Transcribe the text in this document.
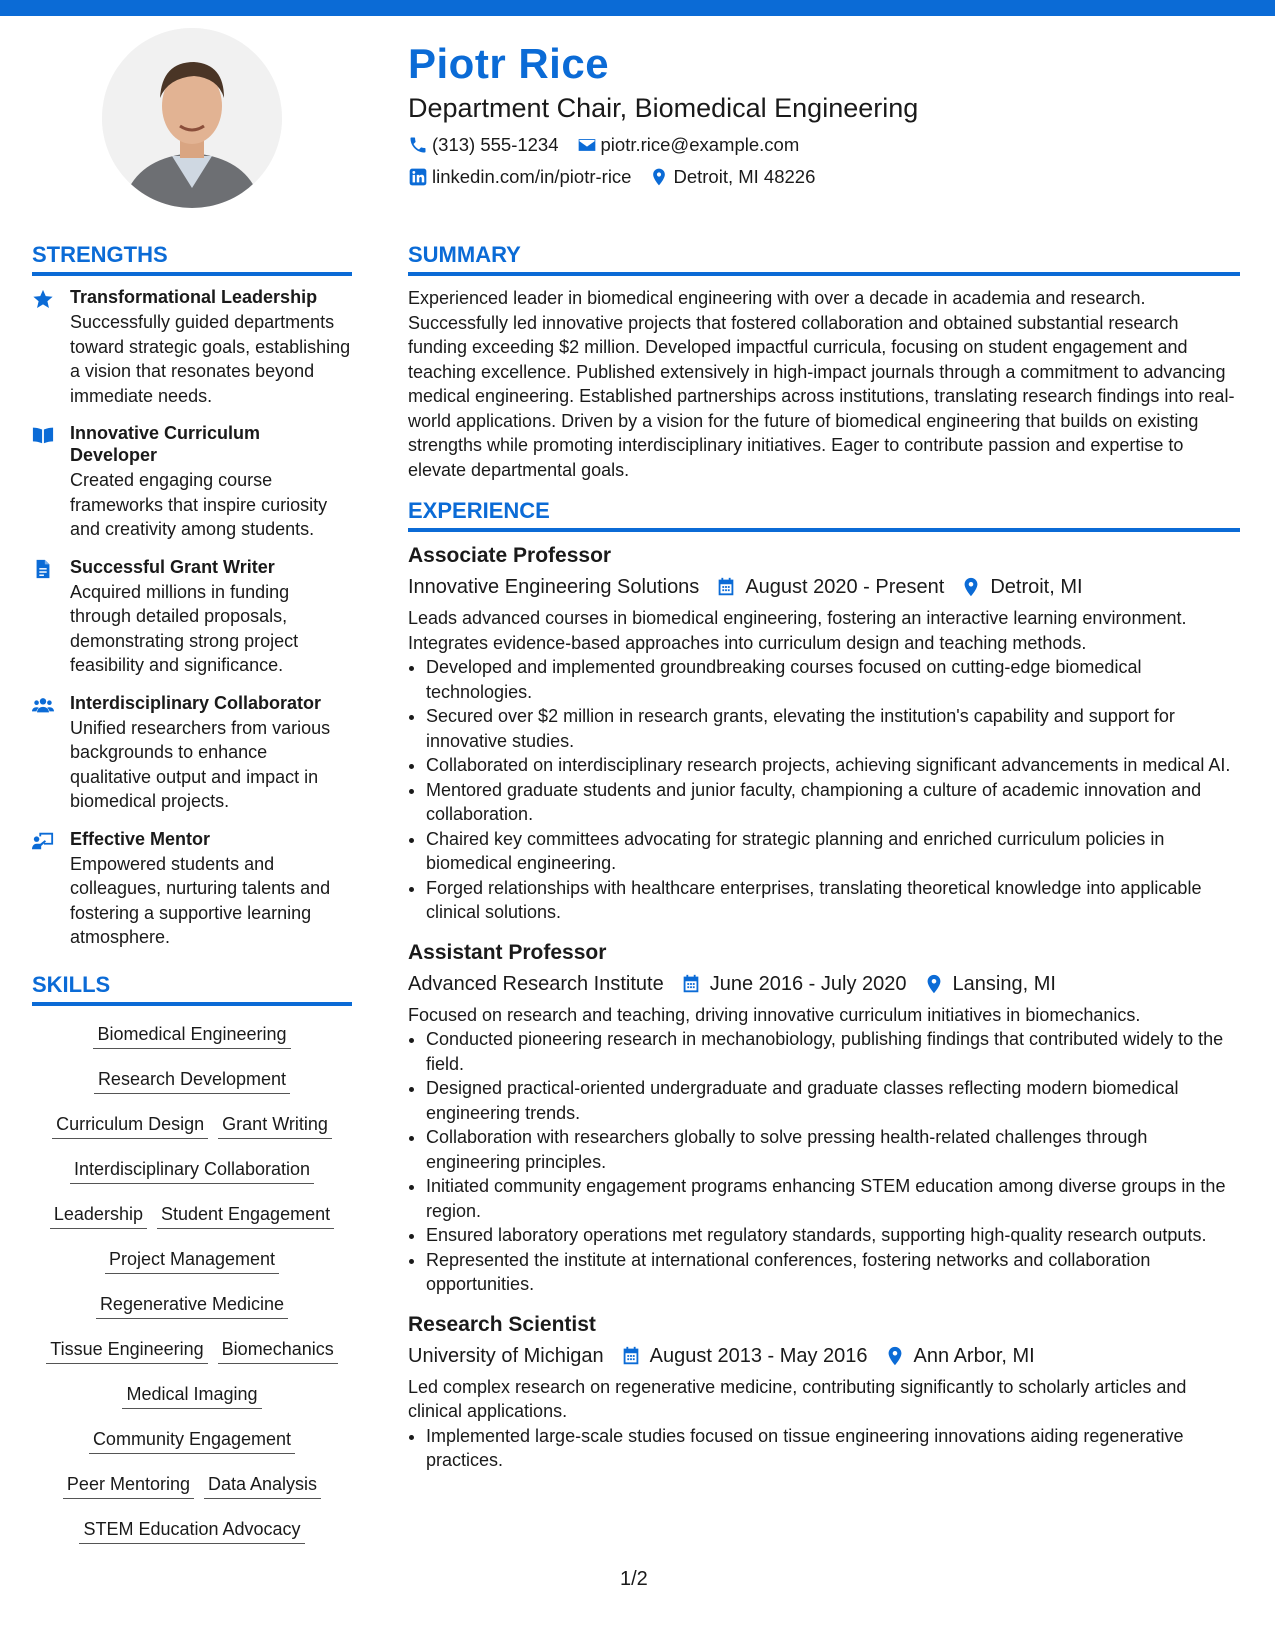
Piotr Rice
Department Chair, Biomedical Engineering
(313) 555-1234 piotr.rice@example.com
linkedin.com/in/piotr-rice Detroit, MI 48226
STRENGTHS
Transformational Leadership
Successfully guided departments toward strategic goals, establishing a vision that resonates beyond immediate needs.
Innovative Curriculum Developer
Created engaging course frameworks that inspire curiosity and creativity among students.
Successful Grant Writer
Acquired millions in funding through detailed proposals, demonstrating strong project feasibility and significance.
Interdisciplinary Collaborator
Unified researchers from various backgrounds to enhance qualitative output and impact in biomedical projects.
Effective Mentor
Empowered students and colleagues, nurturing talents and fostering a supportive learning atmosphere.
SKILLS
Biomedical Engineering
Research Development
Curriculum Design Grant Writing
Interdisciplinary Collaboration
Leadership Student Engagement
Project Management
Regenerative Medicine
Tissue Engineering Biomechanics
Medical Imaging
Community Engagement
Peer Mentoring Data Analysis
STEM Education Advocacy
SUMMARY
Experienced leader in biomedical engineering with over a decade in academia and research. Successfully led innovative projects that fostered collaboration and obtained substantial research funding exceeding $2 million. Developed impactful curricula, focusing on student engagement and teaching excellence. Published extensively in high-impact journals through a commitment to advancing medical engineering. Established partnerships across institutions, translating research findings into real-world applications. Driven by a vision for the future of biomedical engineering that builds on existing strengths while promoting interdisciplinary initiatives. Eager to contribute passion and expertise to elevate departmental goals.
EXPERIENCE
Associate Professor
Innovative Engineering Solutions August 2020 - Present Detroit, MI
Leads advanced courses in biomedical engineering, fostering an interactive learning environment. Integrates evidence-based approaches into curriculum design and teaching methods.
• Developed and implemented groundbreaking courses focused on cutting-edge biomedical technologies.
• Secured over $2 million in research grants, elevating the institution's capability and support for innovative studies.
• Collaborated on interdisciplinary research projects, achieving significant advancements in medical AI.
• Mentored graduate students and junior faculty, championing a culture of academic innovation and collaboration.
• Chaired key committees advocating for strategic planning and enriched curriculum policies in biomedical engineering.
• Forged relationships with healthcare enterprises, translating theoretical knowledge into applicable clinical solutions.
Assistant Professor
Advanced Research Institute June 2016 - July 2020 Lansing, MI
Focused on research and teaching, driving innovative curriculum initiatives in biomechanics.
• Conducted pioneering research in mechanobiology, publishing findings that contributed widely to the field.
• Designed practical-oriented undergraduate and graduate classes reflecting modern biomedical engineering trends.
• Collaboration with researchers globally to solve pressing health-related challenges through engineering principles.
• Initiated community engagement programs enhancing STEM education among diverse groups in the region.
• Ensured laboratory operations met regulatory standards, supporting high-quality research outputs.
• Represented the institute at international conferences, fostering networks and collaboration opportunities.
Research Scientist
University of Michigan August 2013 - May 2016 Ann Arbor, MI
Led complex research on regenerative medicine, contributing significantly to scholarly articles and clinical applications.
• Implemented large-scale studies focused on tissue engineering innovations aiding regenerative practices.
1/2
